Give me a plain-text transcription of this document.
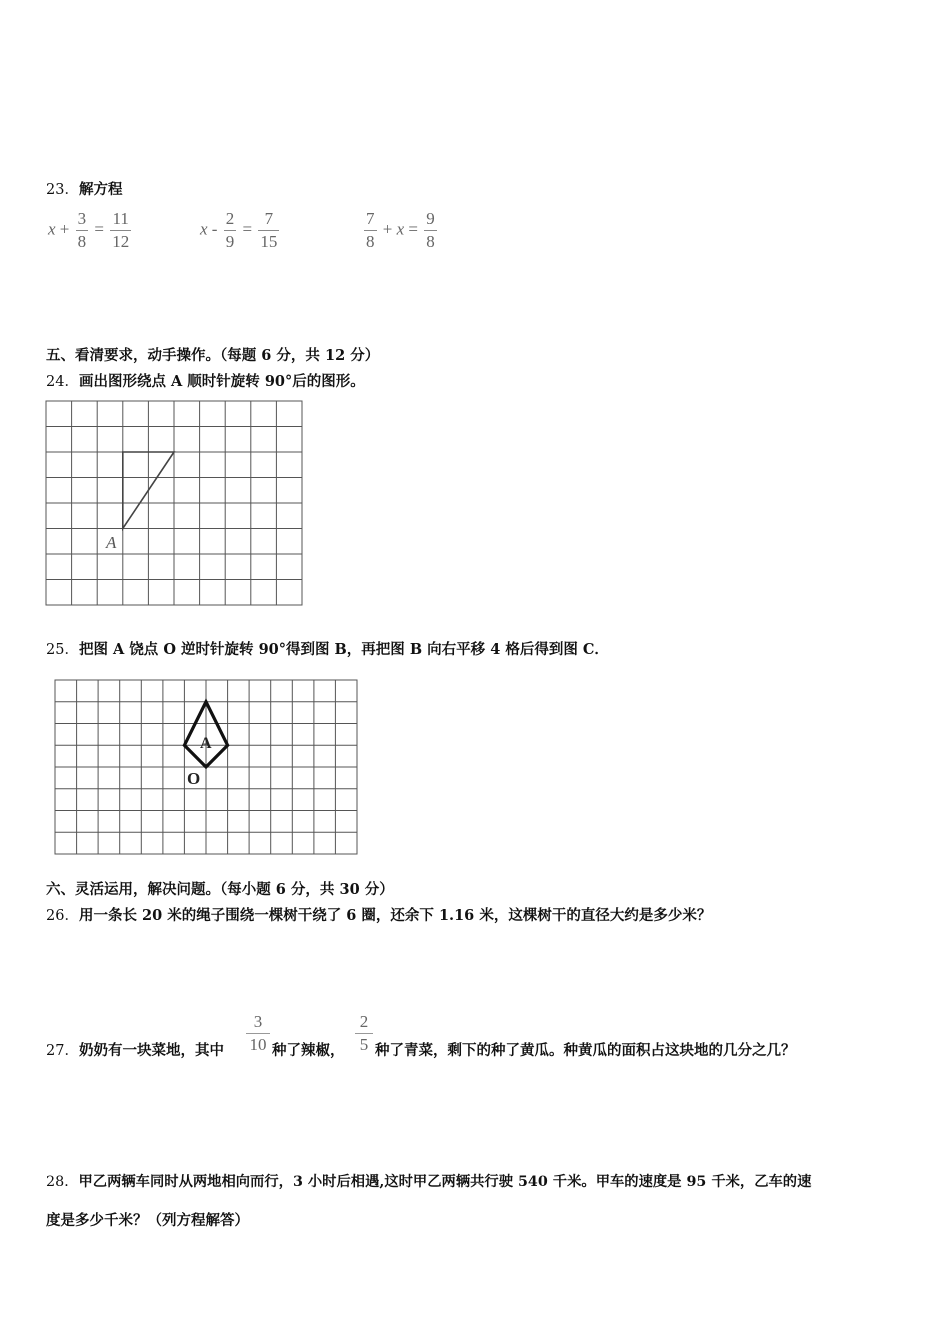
23．解方程
$x + \frac{3}{8} = \frac{11}{12}$	$x - \frac{2}{9} = \frac{7}{15}$	$\frac{7}{8} + x = \frac{9}{8}$
五、看清要求，动手操作。（每题 6 分，共 12 分）
24．画出图形绕点 A 顺时针旋转 90°后的图形。
A
25．把图 A 饶点 O 逆时针旋转 90°得到图 B，再把图 B 向右平移 4 格后得到图 C．
A
O
六、灵活运用，解决问题。（每小题 6 分，共 30 分）
26．用一条长 20 米的绳子围绕一棵树干绕了 6 圈，还余下 1.16 米，这棵树干的直径大约是多少米？
27．奶奶有一块菜地，其中
3
10 种了辣椒，
2
5 种了青菜，剩下的种了黄瓜。种黄瓜的面积占这块地的几分之几？
28．甲乙两辆车同时从两地相向而行，3 小时后相遇,这时甲乙两辆共行驶 540 千米。甲车的速度是 95 千米，乙车的速
度是多少千米？（列方程解答）
